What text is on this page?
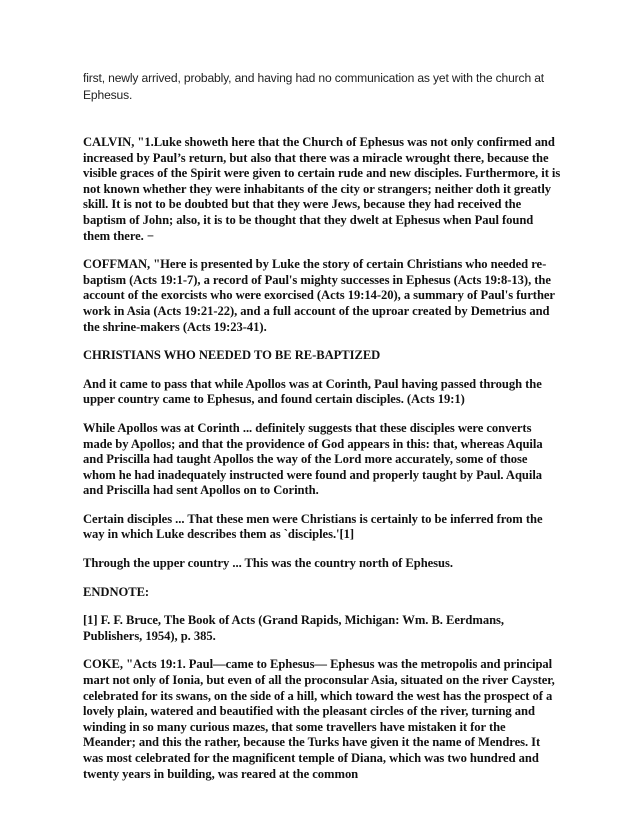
first, newly arrived, probably, and having had no communication as yet with the church at Ephesus.

CALVIN, "1.Luke showeth here that the Church of Ephesus was not only confirmed and increased by Paul’s return, but also that there was a miracle wrought there, because the visible graces of the Spirit were given to certain rude and new disciples. Furthermore, it is not known whether they were inhabitants of the city or strangers; neither doth it greatly skill. It is not to be doubted but that they were Jews, because they had received the baptism of John; also, it is to be thought that they dwelt at Ephesus when Paul found them there. −

COFFMAN, "Here is presented by Luke the story of certain Christians who needed re-baptism (Acts 19:1-7), a record of Paul's mighty successes in Ephesus (Acts 19:8-13), the account of the exorcists who were exorcised (Acts 19:14-20), a summary of Paul's further work in Asia (Acts 19:21-22), and a full account of the uproar created by Demetrius and the shrine-makers (Acts 19:23-41).

CHRISTIANS WHO NEEDED TO BE RE-BAPTIZED

And it came to pass that while Apollos was at Corinth, Paul having passed through the upper country came to Ephesus, and found certain disciples. (Acts 19:1)

While Apollos was at Corinth ... definitely suggests that these disciples were converts made by Apollos; and that the providence of God appears in this: that, whereas Aquila and Priscilla had taught Apollos the way of the Lord more accurately, some of those whom he had inadequately instructed were found and properly taught by Paul. Aquila and Priscilla had sent Apollos on to Corinth.

Certain disciples ... That these men were Christians is certainly to be inferred from the way in which Luke describes them as `disciples.'[1]

Through the upper country ... This was the country north of Ephesus.

ENDNOTE:

[1] F. F. Bruce, The Book of Acts (Grand Rapids, Michigan: Wm. B. Eerdmans, Publishers, 1954), p. 385.

COKE, "Acts 19:1. Paul—came to Ephesus— Ephesus was the metropolis and principal mart not only of Ionia, but even of all the proconsular Asia, situated on the river Cayster, celebrated for its swans, on the side of a hill, which toward the west has the prospect of a lovely plain, watered and beautified with the pleasant circles of the river, turning and winding in so many curious mazes, that some travellers have mistaken it for the Meander; and this the rather, because the Turks have given it the name of Mendres. It was most celebrated for the magnificent temple of Diana, which was two hundred and twenty years in building, was reared at the common
